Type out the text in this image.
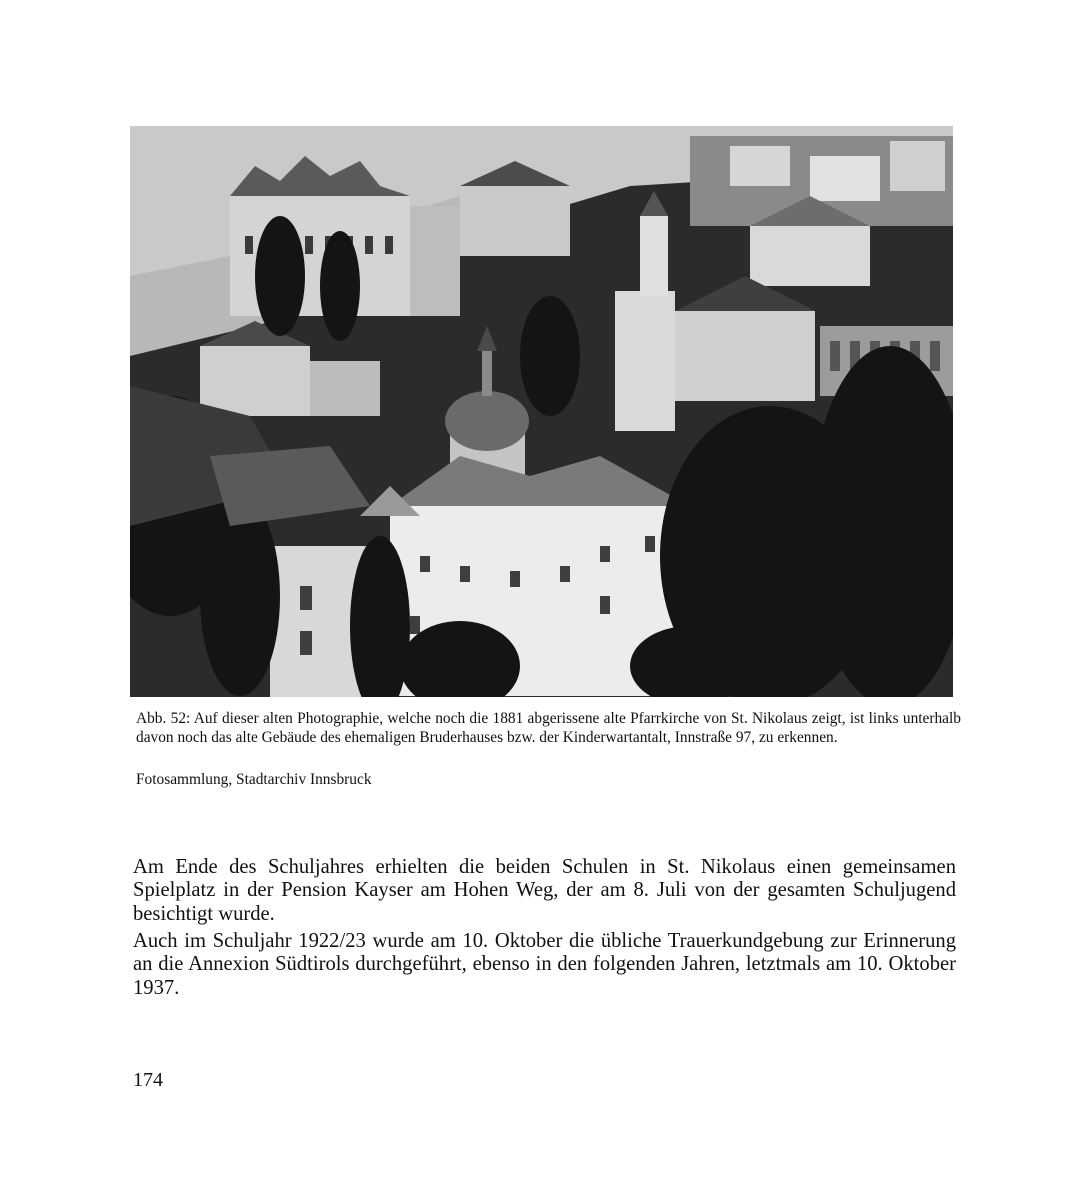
Abb. 52: Auf dieser alten Photographie, welche noch die 1881 abgerissene alte Pfarrkirche von St. Nikolaus zeigt, ist links unterhalb davon noch das alte Gebäude des ehemaligen Bruderhauses bzw. der Kinderwartantalt, Innstraße 97, zu erkennen.
Fotosammlung, Stadtarchiv Innsbruck

Am Ende des Schuljahres erhielten die beiden Schulen in St. Nikolaus einen gemeinsamen Spielplatz in der Pension Kayser am Hohen Weg, der am 8. Juli von der gesamten Schuljugend besichtigt wurde.

Auch im Schuljahr 1922/23 wurde am 10. Oktober die übliche Trauerkundgebung zur Erinnerung an die Annexion Südtirols durchgeführt, ebenso in den folgenden Jahren, letztmals am 10. Oktober 1937.

174
